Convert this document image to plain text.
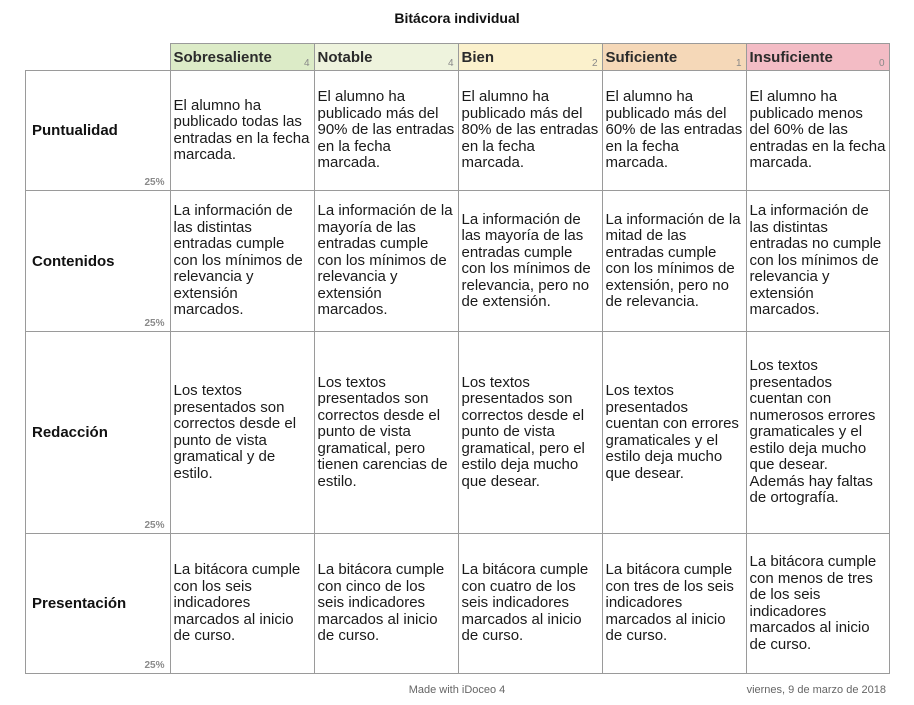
Bitácora individual
	Sobresaliente 4	Notable 4	Bien 2	Suficiente 1	Insuficiente 0

Puntualidad
25%	El alumno ha publicado todas las entradas en la fecha marcada.	El alumno ha publicado más del 90% de las entradas en la fecha marcada.	El alumno ha publicado más del 80% de las entradas en la fecha marcada.	El alumno ha publicado más del 60% de las entradas en la fecha marcada.	El alumno ha publicado menos del 60% de las entradas en la fecha marcada.
Contenidos
25%	La información de las distintas entradas cumple con los mínimos de relevancia y extensión marcados.	La información de la mayoría de las entradas cumple con los mínimos de relevancia y extensión marcados.	La información de las mayoría de las entradas cumple con los mínimos de relevancia, pero no de extensión.	La información de la mitad de las entradas cumple con los mínimos de extensión, pero no de relevancia.	La información de las distintas entradas no cumple con los mínimos de relevancia y extensión marcados.
Redacción
25%	Los textos presentados son correctos desde el punto de vista gramatical y de estilo.	Los textos presentados son correctos desde el punto de vista gramatical, pero tienen carencias de estilo.	Los textos presentados son correctos desde el punto de vista gramatical, pero el estilo deja mucho que desear.	Los textos presentados cuentan con errores gramaticales y el estilo deja mucho que desear.	Los textos presentados cuentan con numerosos errores gramaticales y el estilo deja mucho que desear. Además hay faltas de ortografía.
Presentación
25%	La bitácora cumple con los seis indicadores marcados al inicio de curso.	La bitácora cumple con cinco de los seis indicadores marcados al inicio de curso.	La bitácora cumple con cuatro de los seis indicadores marcados al inicio de curso.	La bitácora cumple con tres de los seis indicadores marcados al inicio de curso.	La bitácora cumple con menos de tres de los seis indicadores marcados al inicio de curso.
Made with iDoceo 4	viernes, 9 de marzo de 2018
